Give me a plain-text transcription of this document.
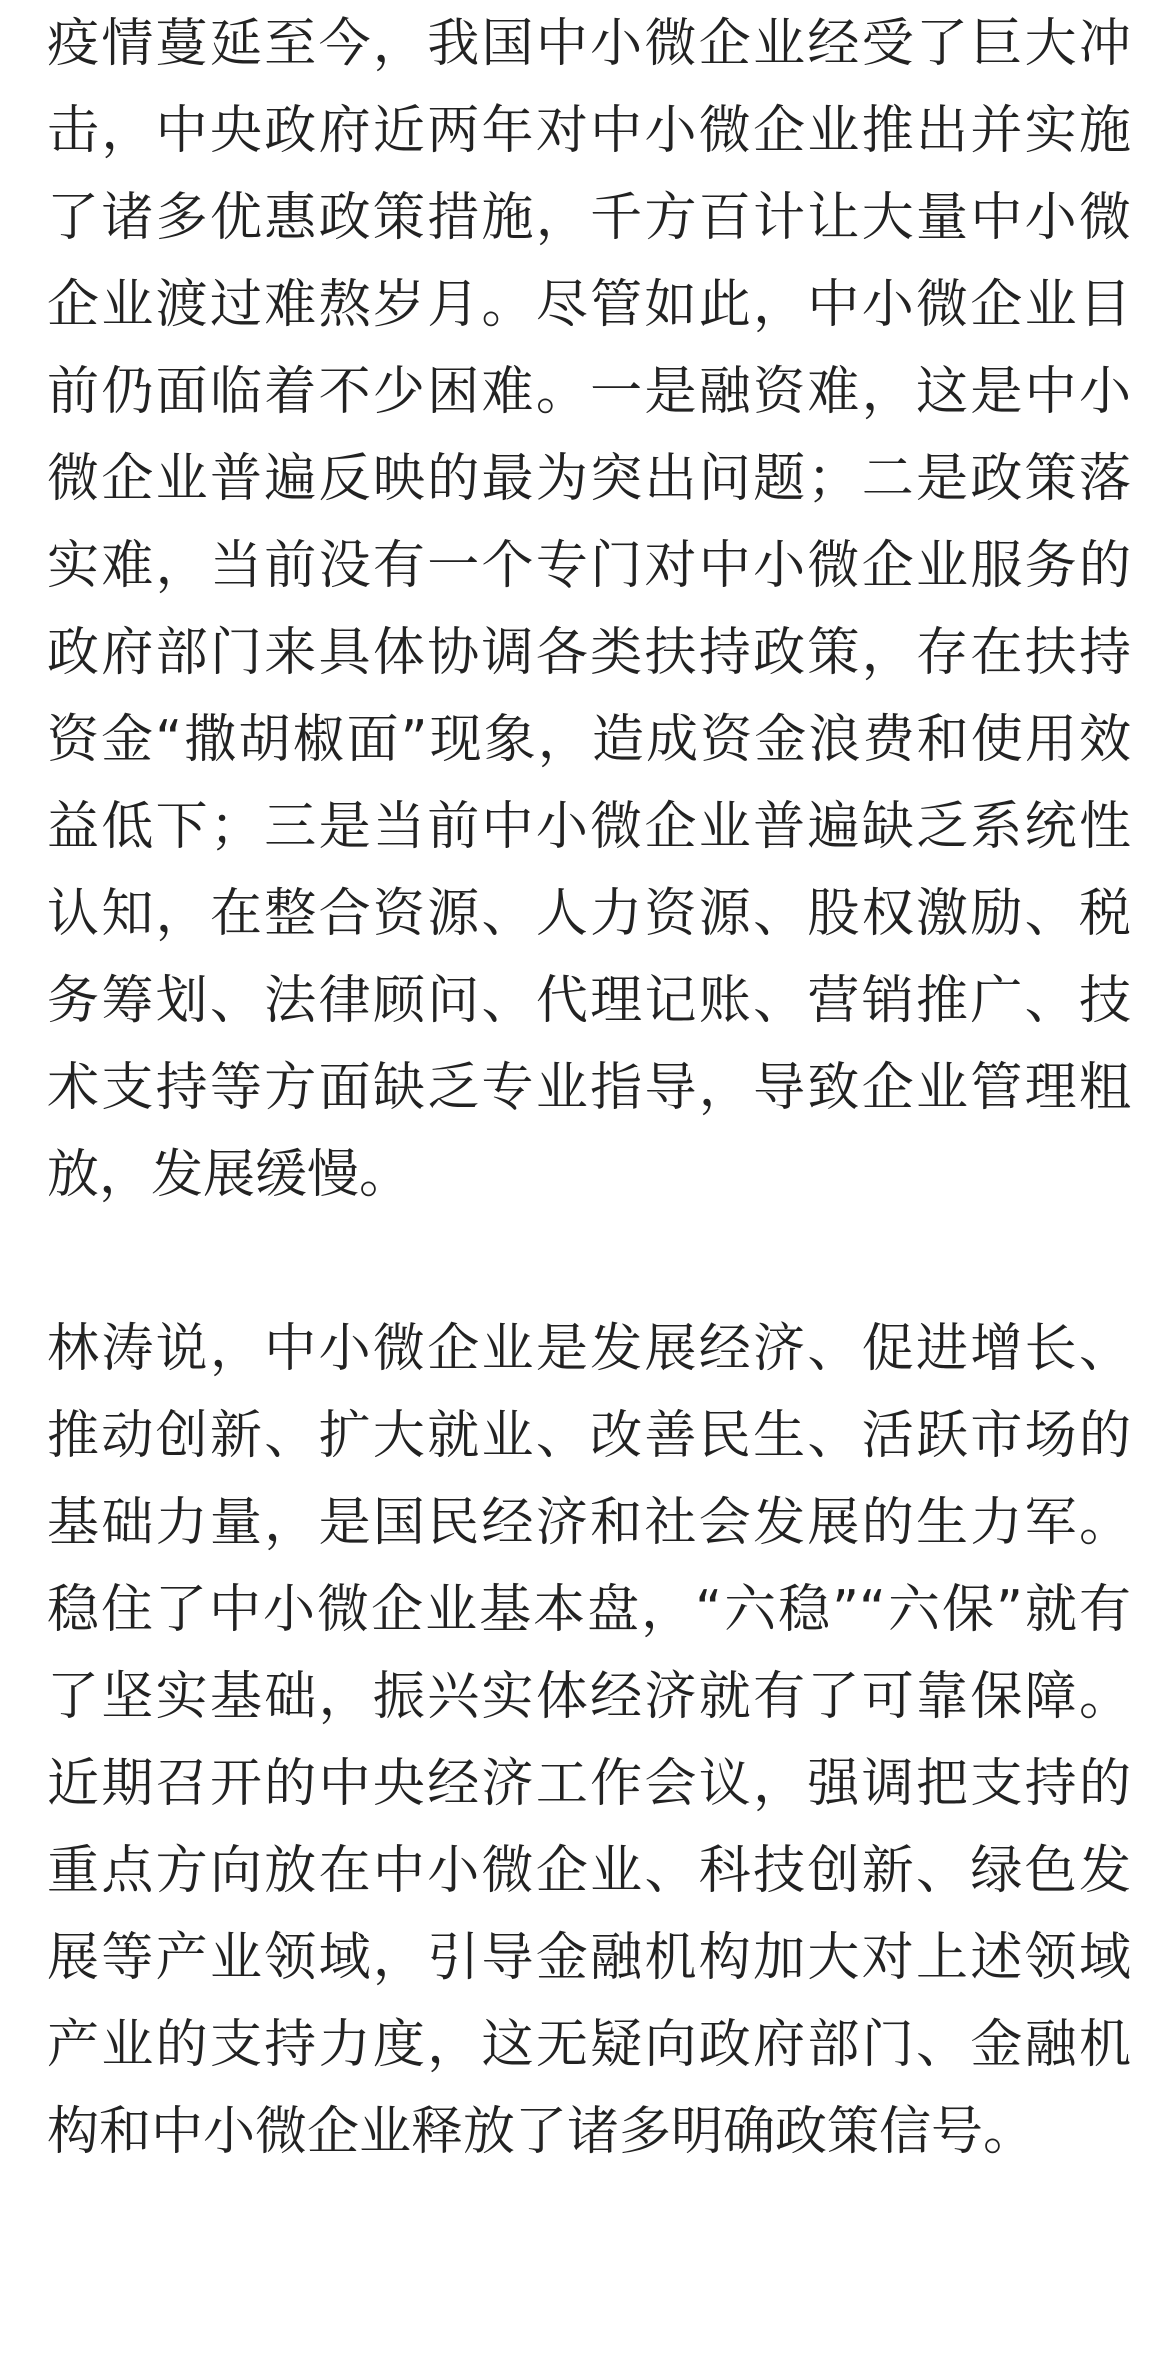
疫情蔓延至今，我国中小微企业经受了巨大冲击，中央政府近两年对中小微企业推出并实施了诸多优惠政策措施，千方百计让大量中小微企业渡过难熬岁月。尽管如此，中小微企业目前仍面临着不少困难。一是融资难，这是中小微企业普遍反映的最为突出问题；二是政策落实难，当前没有一个专门对中小微企业服务的政府部门来具体协调各类扶持政策，存在扶持资金“撒胡椒面”现象，造成资金浪费和使用效益低下；三是当前中小微企业普遍缺乏系统性认知，在整合资源、人力资源、股权激励、税务筹划、法律顾问、代理记账、营销推广、技术支持等方面缺乏专业指导，导致企业管理粗放，发展缓慢。

林涛说，中小微企业是发展经济、促进增长、推动创新、扩大就业、改善民生、活跃市场的基础力量，是国民经济和社会发展的生力军。稳住了中小微企业基本盘，“六稳”“六保”就有了坚实基础，振兴实体经济就有了可靠保障。近期召开的中央经济工作会议，强调把支持的重点方向放在中小微企业、科技创新、绿色发展等产业领域，引导金融机构加大对上述领域产业的支持力度，这无疑向政府部门、金融机构和中小微企业释放了诸多明确政策信号。
